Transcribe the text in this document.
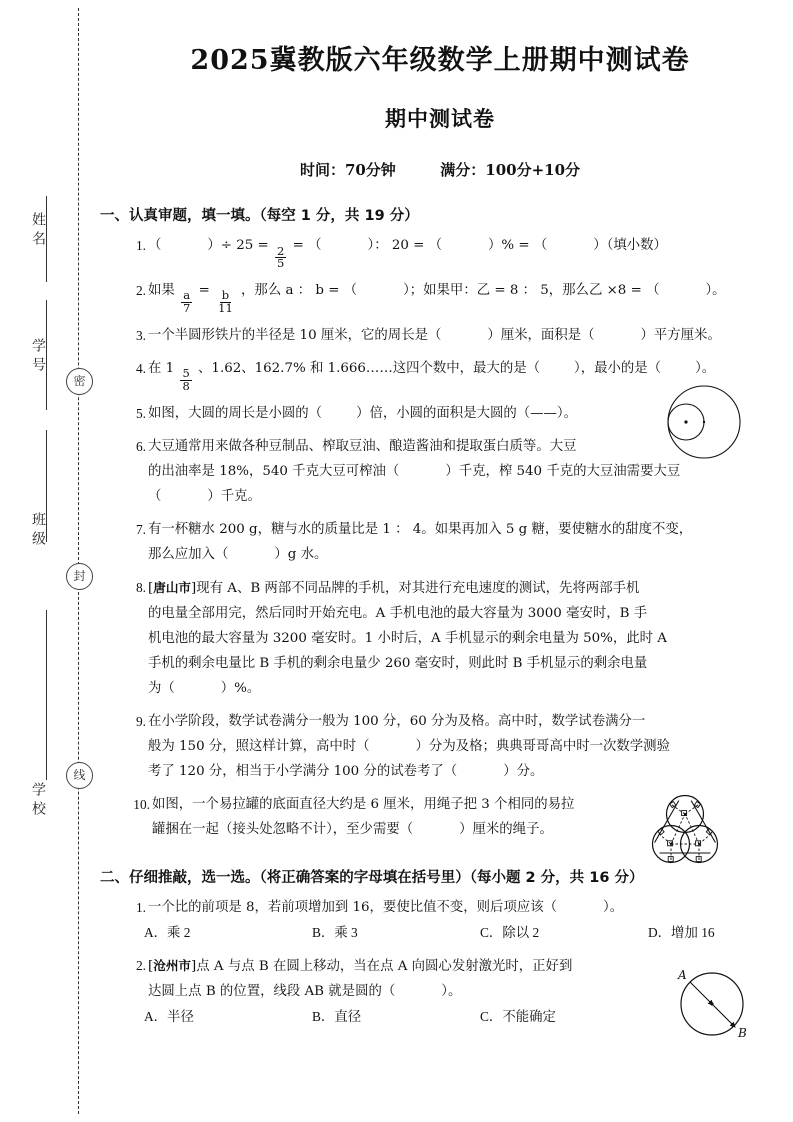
姓名
学号
班级
学校
密
封
线
2025冀教版六年级数学上册期中测试卷
期中测试卷
时间：70分钟	满分：100分+10分
一、认真审题，填一填。（每空 1 分，共 19 分）
1. （	）÷ 25 =
$\frac{2}{5}$
= （	）： 20 = （	）% = （	）（填小数）
2. 如果
$\frac{a}{7}$
=
$\frac{b}{11}$
，那么 a ： b = （	）；如果甲：乙 = 8 ： 5，那么乙 ×8 = （	）。
3. 一个半圆形铁片的半径是 10 厘米，它的周长是（	）厘米，面积是（	）平方厘米。
4. 在 1
$\frac{5}{8}$
、1.62、162.7% 和 1.666……这四个数中，最大的是（	），最小的是（	）。
5. 如图，大圆的周长是小圆的（	）倍，小圆的面积是大圆的（——）。
6. 大豆通常用来做各种豆制品、榨取豆油、酿造酱油和提取蛋白质等。大豆
的出油率是 18%，540 千克大豆可榨油（	）千克，榨 540 千克的大豆油需要大豆
（	）千克。
7. 有一杯糖水 200 g，糖与水的质量比是 1 ： 4。如果再加入 5 g 糖，要使糖水的甜度不变，
那么应加入（	）g 水。
8. [唐山市]现有 A、B 两部不同品牌的手机，对其进行充电速度的测试，先将两部手机
的电量全部用完，然后同时开始充电。A 手机电池的最大容量为 3000 毫安时，B 手
机电池的最大容量为 3200 毫安时。1 小时后，A 手机显示的剩余电量为 50%，此时 A
手机的剩余电量比 B 手机的剩余电量少 260 毫安时，则此时 B 手机显示的剩余电量
为（	）%。
9. 在小学阶段，数学试卷满分一般为 100 分，60 分为及格。高中时，数学试卷满分一
般为 150 分，照这样计算，高中时（	）分为及格；典典哥哥高中时一次数学测验
考了 120 分，相当于小学满分 100 分的试卷考了（	）分。
10. 如图，一个易拉罐的底面直径大约是 6 厘米，用绳子把 3 个相同的易拉
罐捆在一起（接头处忽略不计），至少需要（	）厘米的绳子。
二、仔细推敲，选一选。（将正确答案的字母填在括号里）（每小题 2 分，共 16 分）
1. 一个比的前项是 8，若前项增加到 16，要使比值不变，则后项应该（	）。
A．乘 2	B．乘 3	C．除以 2	D．增加 16
2. [沧州市]点 A 与点 B 在圆上移动，当在点 A 向圆心发射激光时，正好到
达圆上点 B 的位置，线段 AB 就是圆的（	）。
A．半径	B．直径	C．不能确定
A
B
